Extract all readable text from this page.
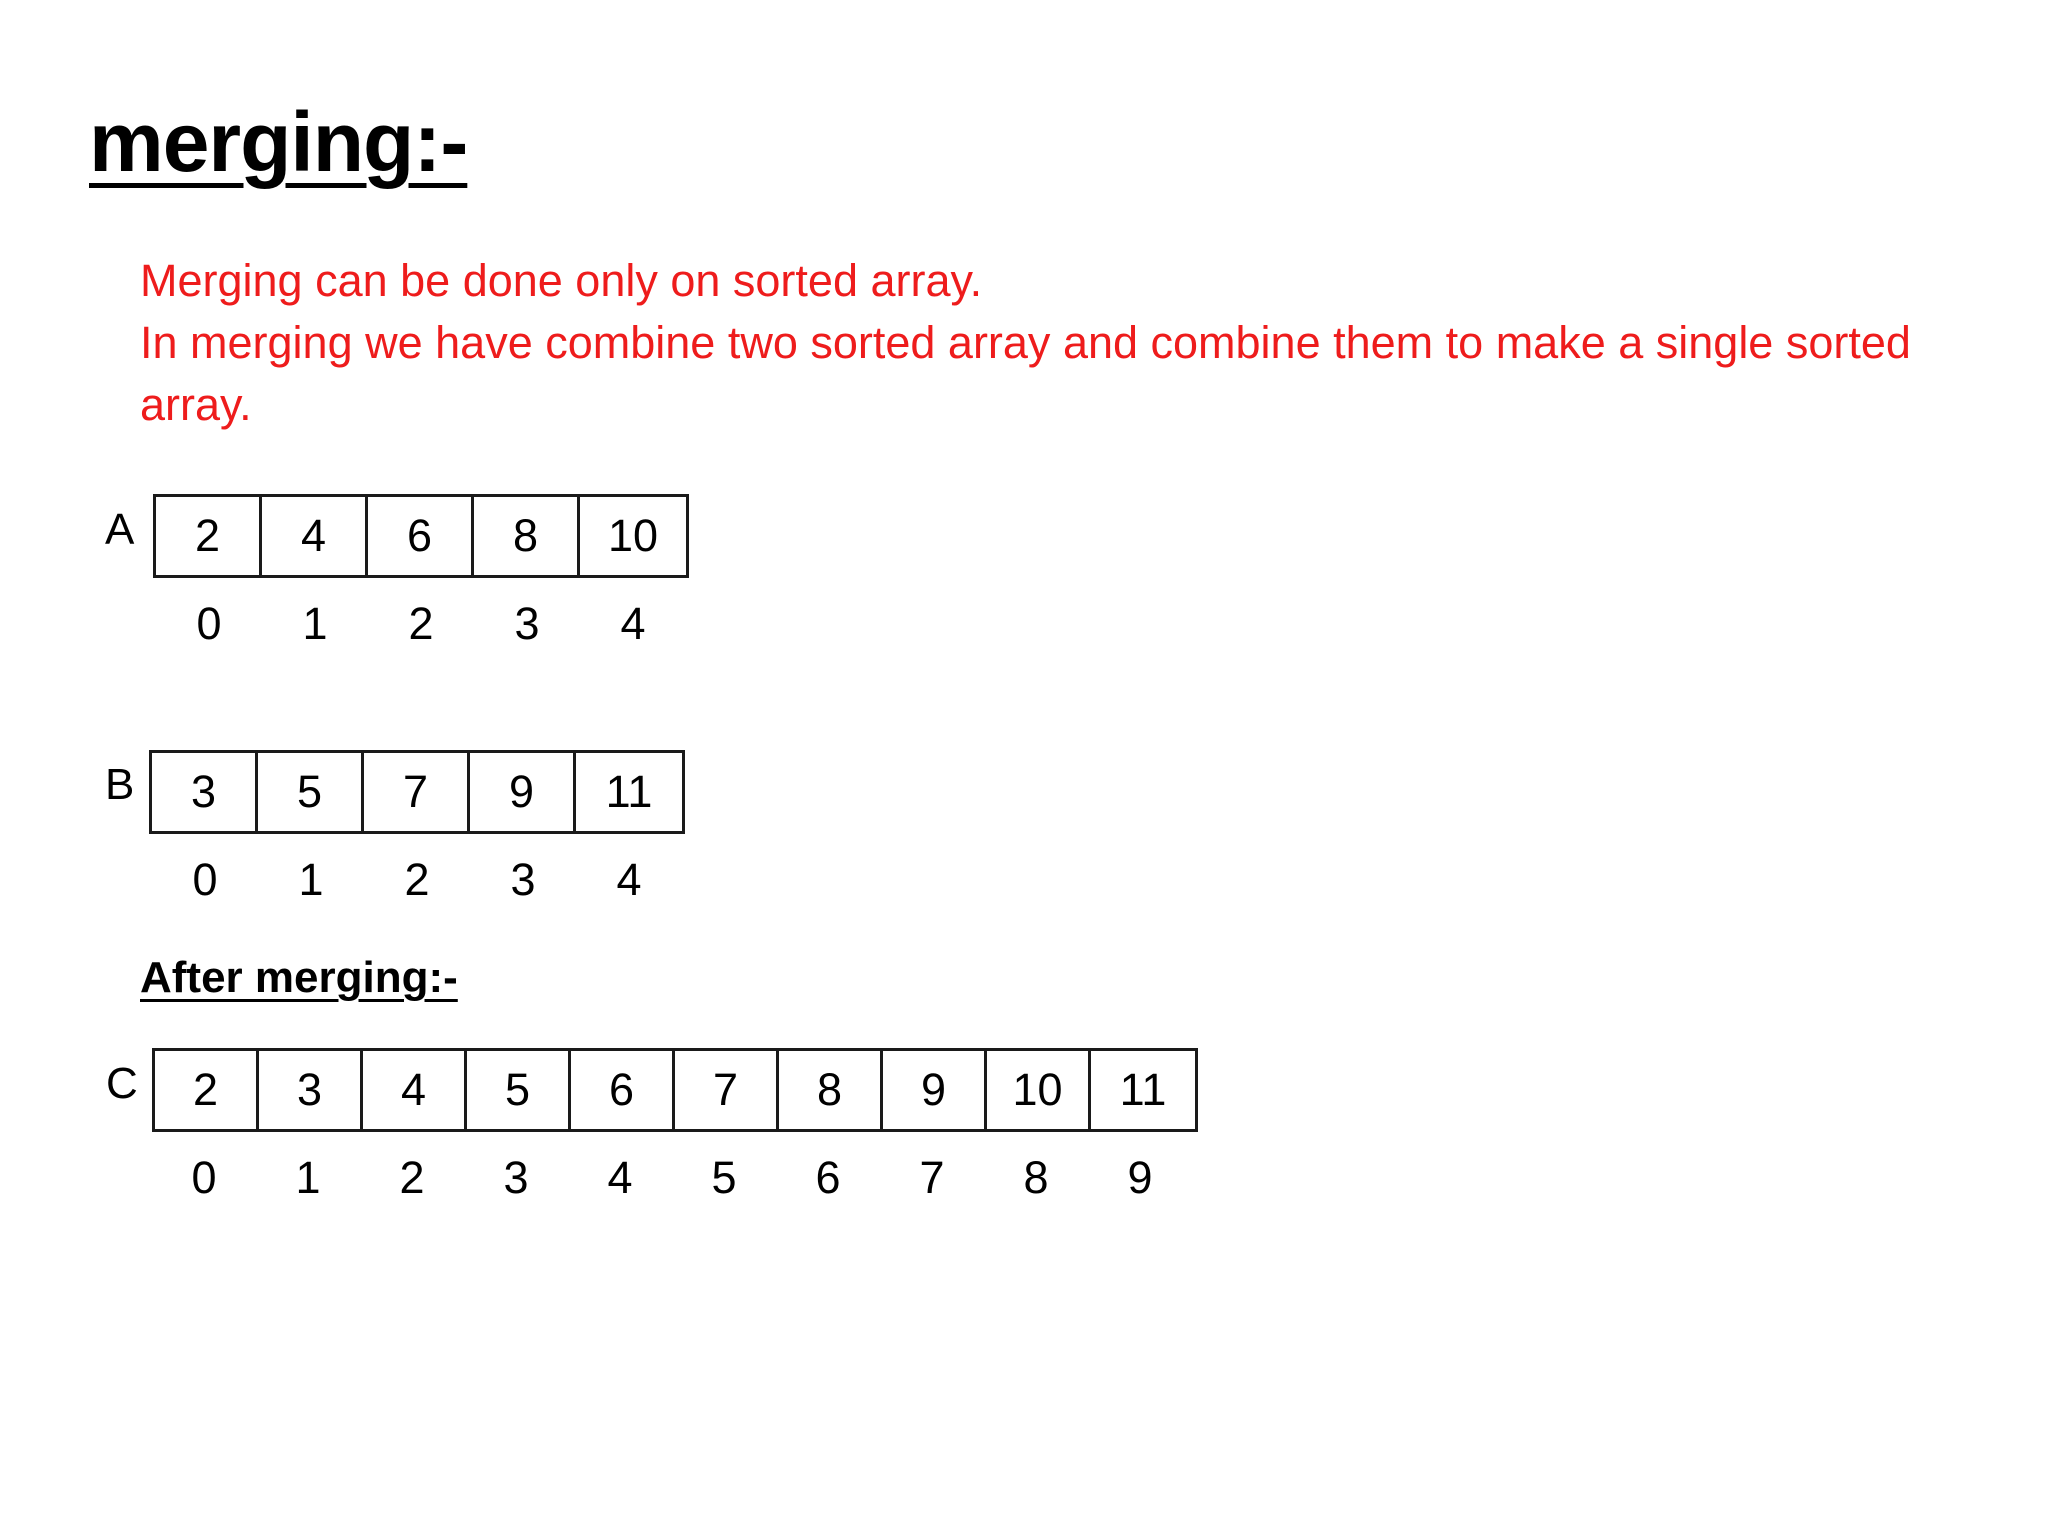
merging:-

Merging can be done only on sorted array.

In merging we have combine two sorted array and combine them to make a single sorted array.

A	2	4	6	8	10
0	1	2	3	4
B	3	5	7	9	11
0	1	2	3	4
After merging:-
C	2	3	4	5	6	7	8	9	10	11
0	1	2	3	4	5	6	7	8	9
